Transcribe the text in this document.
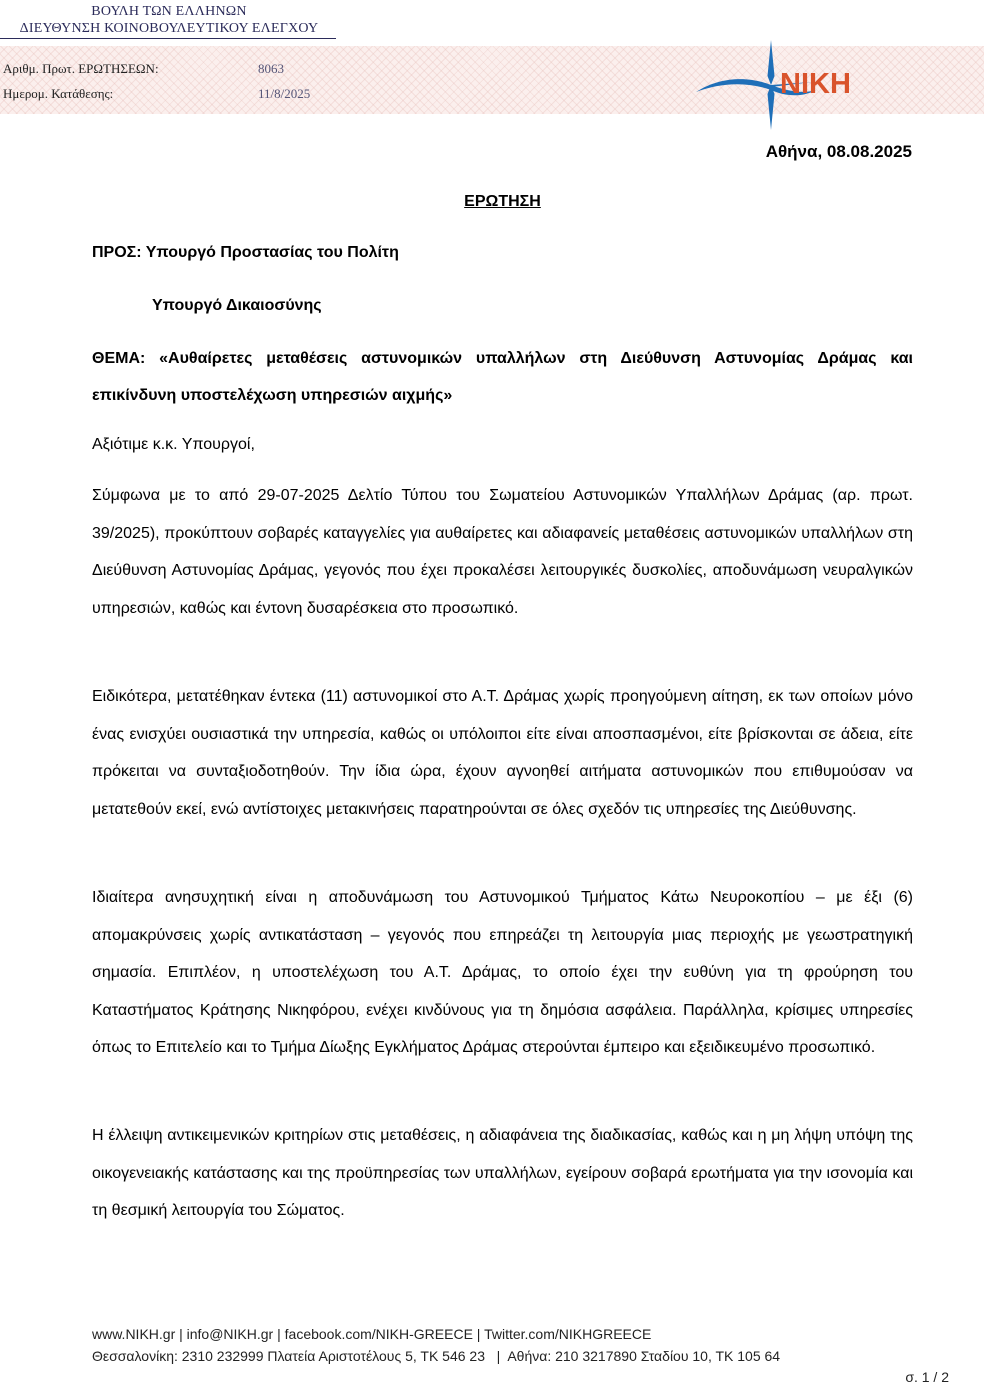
ΒΟΥΛΗ ΤΩΝ ΕΛΛΗΝΩΝ
ΔΙΕΥΘΥΝΣΗ ΚΟΙΝΟΒΟΥΛΕΥΤΙΚΟΥ ΕΛΕΓΧΟΥ
Αριθμ. Πρωτ. ΕΡΩΤΗΣΕΩΝ:	8063
Ημερομ. Κατάθεσης:	11/8/2025	NIKH
Αθήνα, 08.08.2025
ΕΡΩΤΗΣΗ
ΠΡΟΣ: Υπουργό Προστασίας του Πολίτη
Υπουργό Δικαιοσύνης
ΘΕΜΑ: «Αυθαίρετες μεταθέσεις αστυνομικών υπαλλήλων στη Διεύθυνση Αστυνομίας Δράμας και επικίνδυνη υποστελέχωση υπηρεσιών αιχμής»
Αξιότιμε κ.κ. Υπουργοί,

Σύμφωνα με το από 29-07-2025 Δελτίο Τύπου του Σωματείου Αστυνομικών Υπαλλήλων Δράμας (αρ. πρωτ. 39/2025), προκύπτουν σοβαρές καταγγελίες για αυθαίρετες και αδιαφανείς μεταθέσεις αστυνομικών υπαλλήλων στη Διεύθυνση Αστυνομίας Δράμας, γεγονός που έχει προκαλέσει λειτουργικές δυσκολίες, αποδυνάμωση νευραλγικών υπηρεσιών, καθώς και έντονη δυσαρέσκεια στο προσωπικό.

Ειδικότερα, μετατέθηκαν έντεκα (11) αστυνομικοί στο Α.Τ. Δράμας χωρίς προηγούμενη αίτηση, εκ των οποίων μόνο ένας ενισχύει ουσιαστικά την υπηρεσία, καθώς οι υπόλοιποι είτε είναι αποσπασμένοι, είτε βρίσκονται σε άδεια, είτε πρόκειται να συνταξιοδοτηθούν. Την ίδια ώρα, έχουν αγνοηθεί αιτήματα αστυνομικών που επιθυμούσαν να μετατεθούν εκεί, ενώ αντίστοιχες μετακινήσεις παρατηρούνται σε όλες σχεδόν τις υπηρεσίες της Διεύθυνσης.

Ιδιαίτερα ανησυχητική είναι η αποδυνάμωση του Αστυνομικού Τμήματος Κάτω Νευροκοπίου – με έξι (6) απομακρύνσεις χωρίς αντικατάσταση – γεγονός που επηρεάζει τη λειτουργία μιας περιοχής με γεωστρατηγική σημασία. Επιπλέον, η υποστελέχωση του Α.Τ. Δράμας, το οποίο έχει την ευθύνη για τη φρούρηση του Καταστήματος Κράτησης Νικηφόρου, ενέχει κινδύνους για τη δημόσια ασφάλεια. Παράλληλα, κρίσιμες υπηρεσίες όπως το Επιτελείο και το Τμήμα Δίωξης Εγκλήματος Δράμας στερούνται έμπειρο και εξειδικευμένο προσωπικό.

Η έλλειψη αντικειμενικών κριτηρίων στις μεταθέσεις, η αδιαφάνεια της διαδικασίας, καθώς και η μη λήψη υπόψη της οικογενειακής κατάστασης και της προϋπηρεσίας των υπαλλήλων, εγείρουν σοβαρά ερωτήματα για την ισονομία και τη θεσμική λειτουργία του Σώματος.

www.NIKH.gr | info@NIKH.gr | facebook.com/NIKH-GREECE | Twitter.com/NIKHGREECE
Θεσσαλονίκη: 2310 232999 Πλατεία Αριστοτέλους 5, ΤΚ 546 23   |  Αθήνα: 210 3217890 Σταδίου 10, ΤΚ 105 64
σ. 1 / 2
